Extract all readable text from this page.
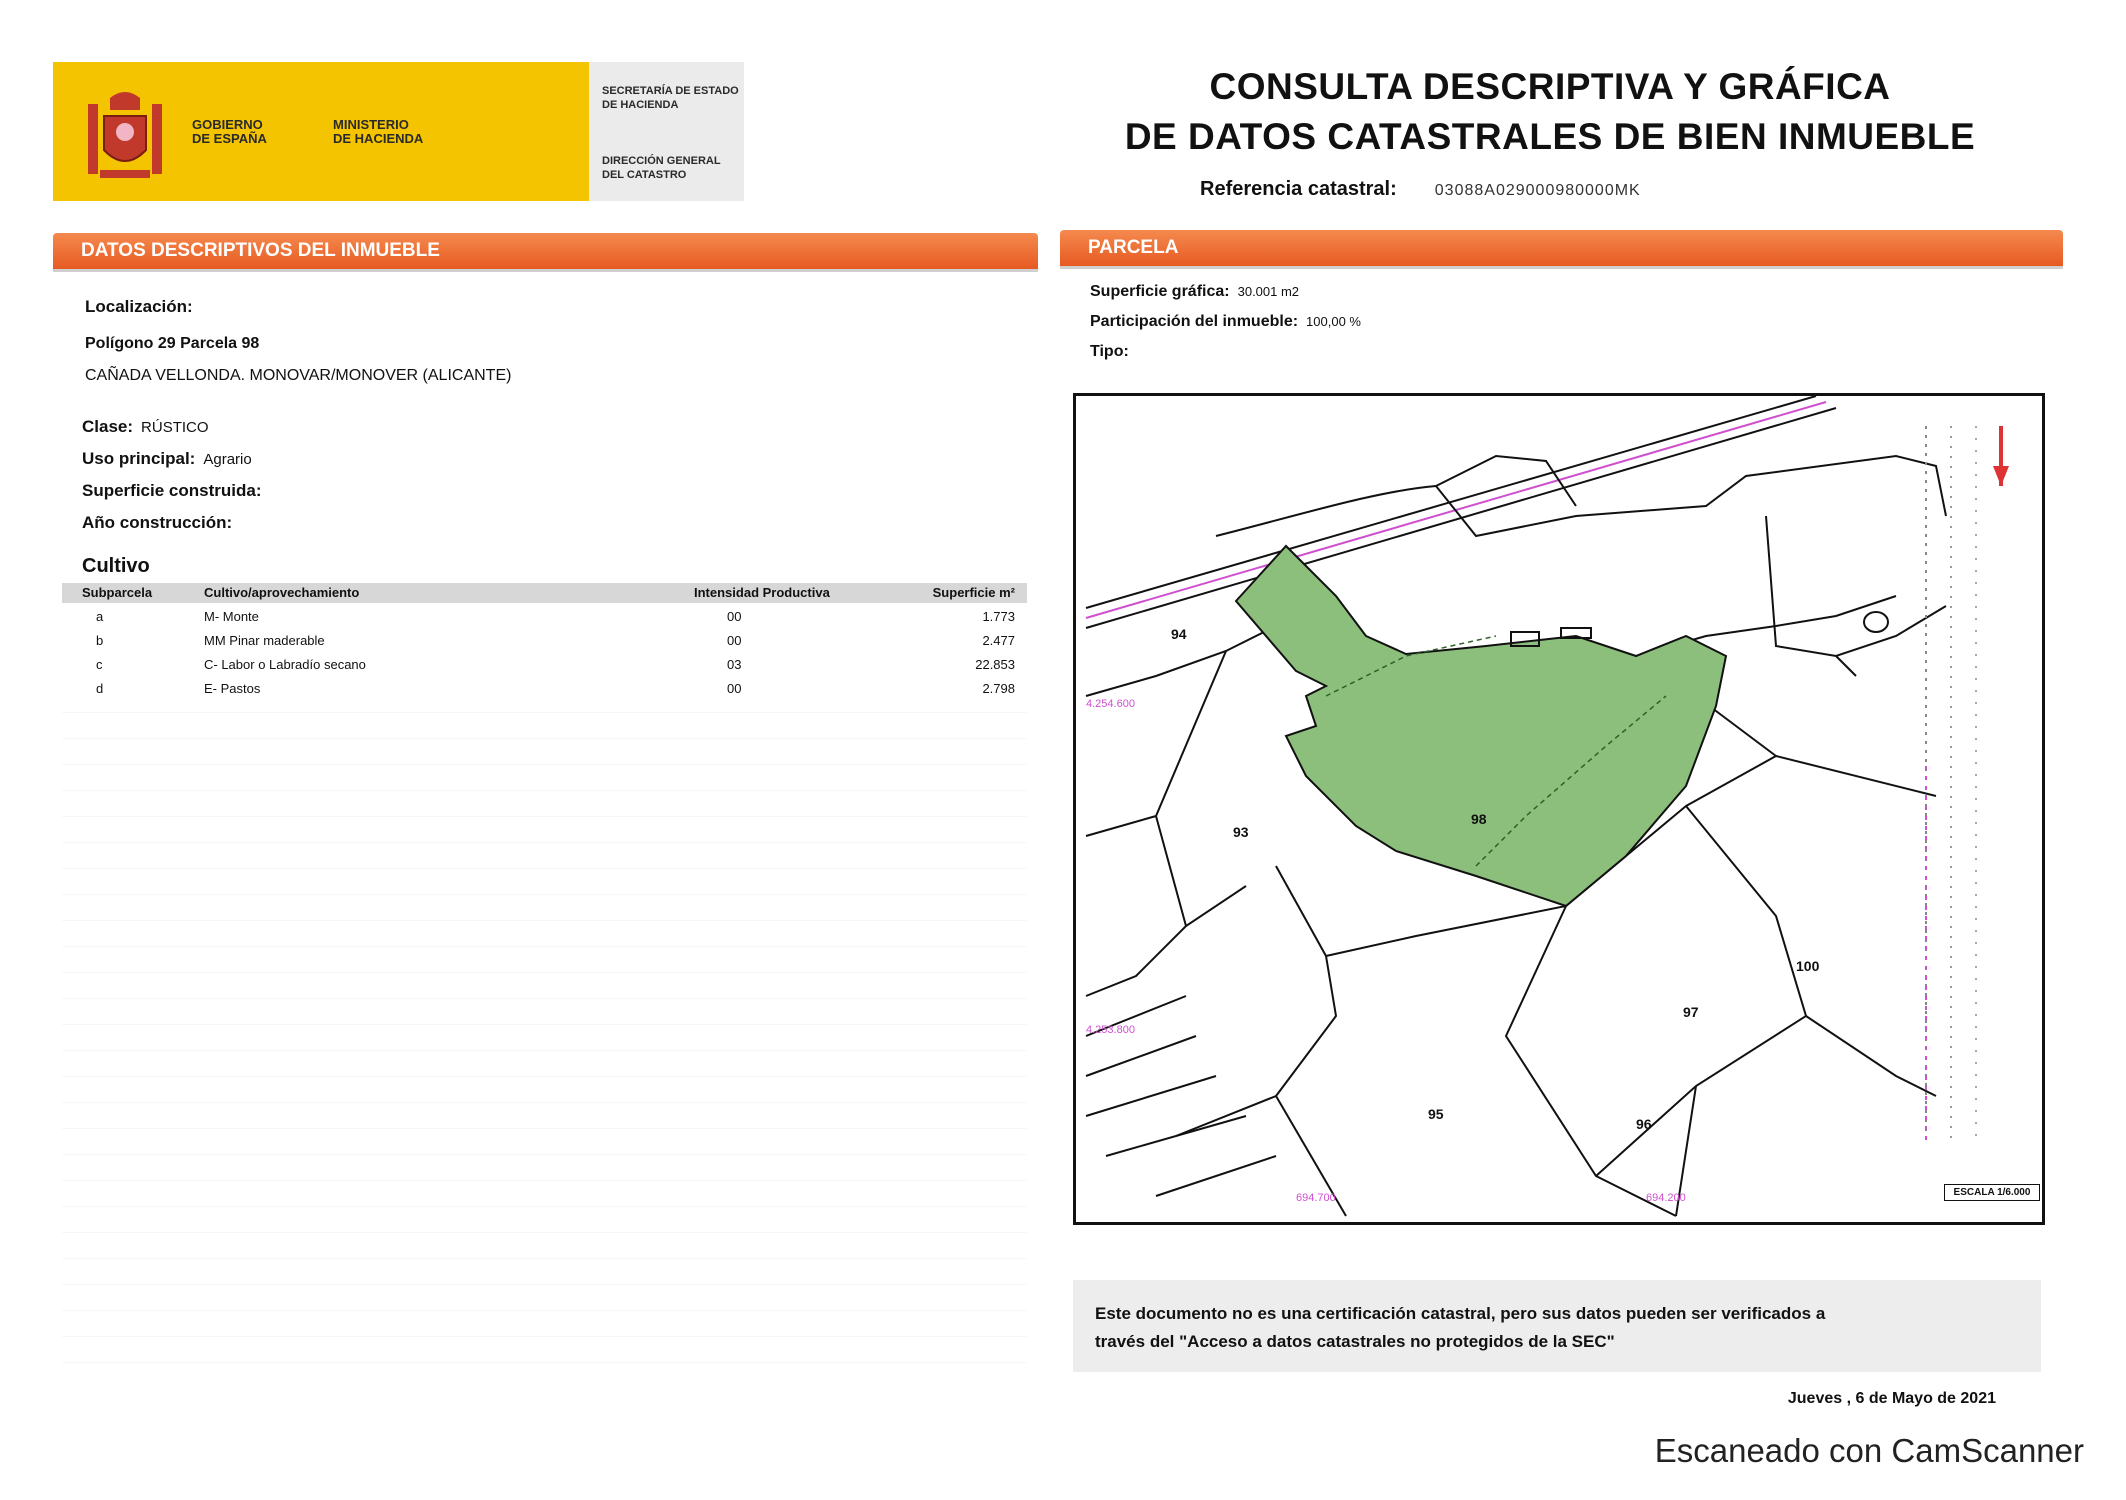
GOBIERNO
DE ESPAÑA
MINISTERIO
DE HACIENDA
SECRETARÍA DE ESTADO
DE HACIENDA
DIRECCIÓN GENERAL
DEL CATASTRO
CONSULTA DESCRIPTIVA Y GRÁFICA
DE DATOS CATASTRALES DE BIEN INMUEBLE
Referencia catastral: 03088A029000980000MK
DATOS DESCRIPTIVOS DEL INMUEBLE
Localización:
Polígono 29 Parcela 98
CAÑADA VELLONDA. MONOVAR/MONOVER (ALICANTE)
Clase: RÚSTICO
Uso principal: Agrario
Superficie construida:
Año construcción:
Cultivo
Subparcela	Cultivo/aprovechamiento	Intensidad Productiva	Superficie m²
a	M- Monte	00	1.773
b	MM Pinar maderable	00	2.477
c	C- Labor o Labradío secano	03	22.853
d	E- Pastos	00	2.798
PARCELA
Superficie gráfica: 30.001 m2
Participación del inmueble: 100,00 %
Tipo:
94
93
95
96
97
98
100
4.254.600
4.253.800
694.700	694.200	ESCALA 1/6.000
Este documento no es una certificación catastral, pero sus datos pueden ser verificados a
través del "Acceso a datos catastrales no protegidos de la SEC"
Jueves , 6 de Mayo de 2021
Escaneado con CamScanner
